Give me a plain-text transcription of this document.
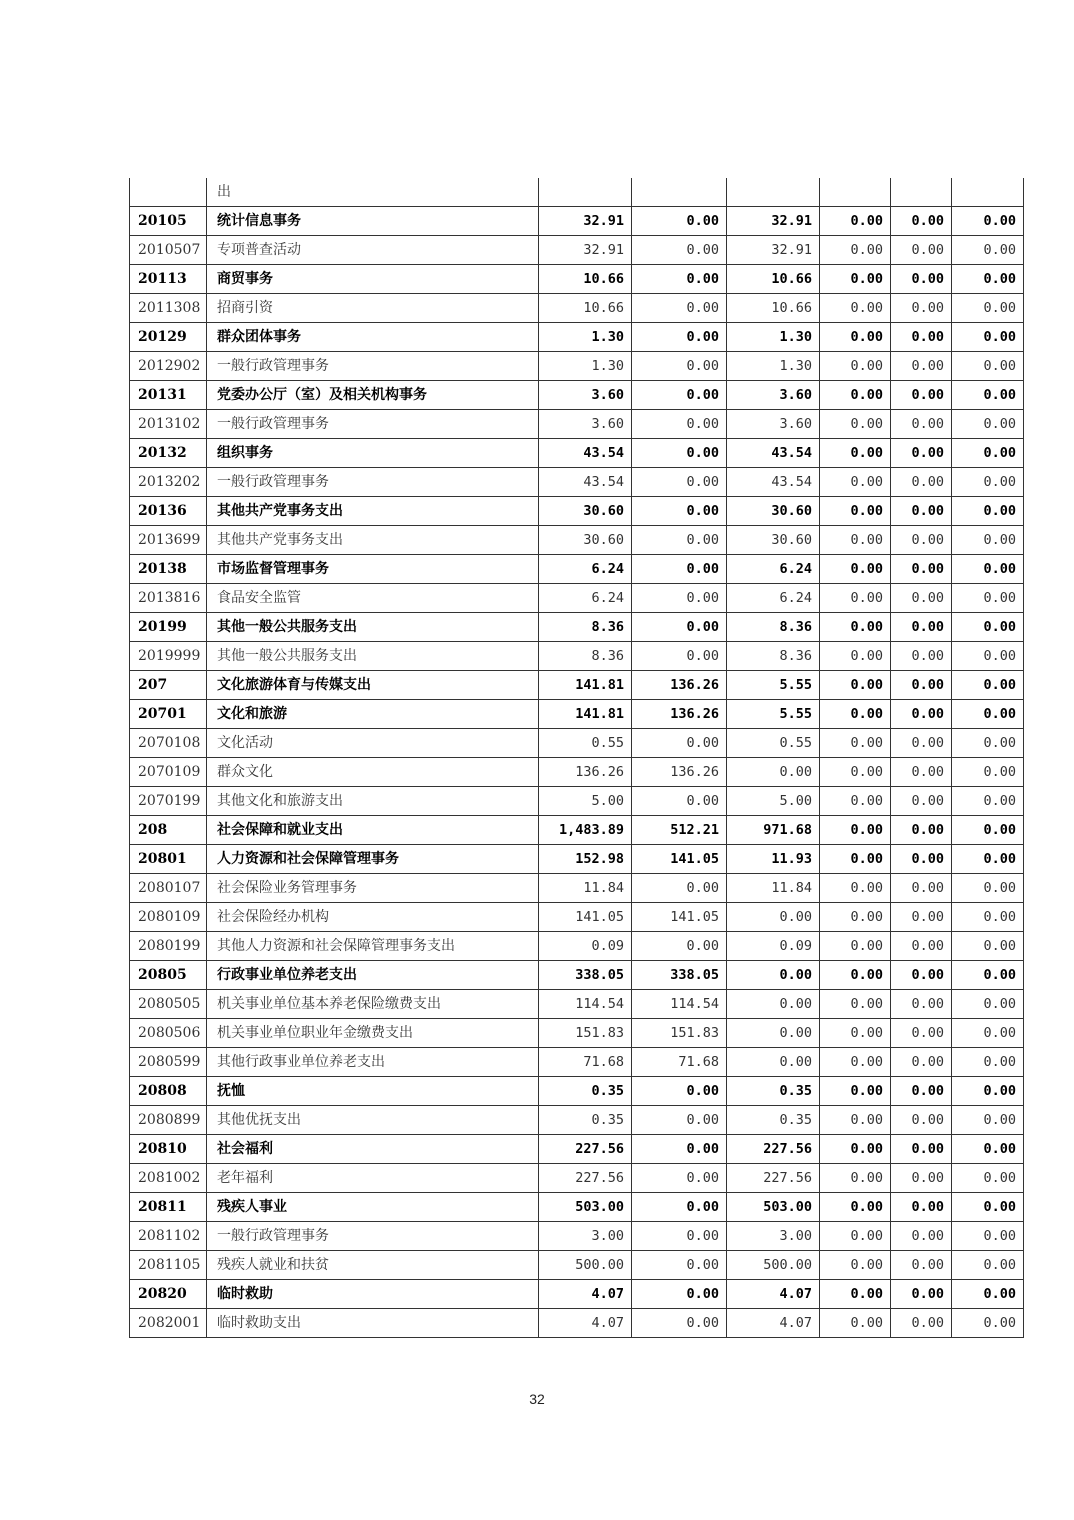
	出						
20105	统计信息事务	32.91	0.00	32.91	0.00	0.00	0.00
2010507	专项普查活动	32.91	0.00	32.91	0.00	0.00	0.00
20113	商贸事务	10.66	0.00	10.66	0.00	0.00	0.00
2011308	招商引资	10.66	0.00	10.66	0.00	0.00	0.00
20129	群众团体事务	1.30	0.00	1.30	0.00	0.00	0.00
2012902	一般行政管理事务	1.30	0.00	1.30	0.00	0.00	0.00
20131	党委办公厅（室）及相关机构事务	3.60	0.00	3.60	0.00	0.00	0.00
2013102	一般行政管理事务	3.60	0.00	3.60	0.00	0.00	0.00
20132	组织事务	43.54	0.00	43.54	0.00	0.00	0.00
2013202	一般行政管理事务	43.54	0.00	43.54	0.00	0.00	0.00
20136	其他共产党事务支出	30.60	0.00	30.60	0.00	0.00	0.00
2013699	其他共产党事务支出	30.60	0.00	30.60	0.00	0.00	0.00
20138	市场监督管理事务	6.24	0.00	6.24	0.00	0.00	0.00
2013816	食品安全监管	6.24	0.00	6.24	0.00	0.00	0.00
20199	其他一般公共服务支出	8.36	0.00	8.36	0.00	0.00	0.00
2019999	其他一般公共服务支出	8.36	0.00	8.36	0.00	0.00	0.00
207	文化旅游体育与传媒支出	141.81	136.26	5.55	0.00	0.00	0.00
20701	文化和旅游	141.81	136.26	5.55	0.00	0.00	0.00
2070108	文化活动	0.55	0.00	0.55	0.00	0.00	0.00
2070109	群众文化	136.26	136.26	0.00	0.00	0.00	0.00
2070199	其他文化和旅游支出	5.00	0.00	5.00	0.00	0.00	0.00
208	社会保障和就业支出	1,483.89	512.21	971.68	0.00	0.00	0.00
20801	人力资源和社会保障管理事务	152.98	141.05	11.93	0.00	0.00	0.00
2080107	社会保险业务管理事务	11.84	0.00	11.84	0.00	0.00	0.00
2080109	社会保险经办机构	141.05	141.05	0.00	0.00	0.00	0.00
2080199	其他人力资源和社会保障管理事务支出	0.09	0.00	0.09	0.00	0.00	0.00
20805	行政事业单位养老支出	338.05	338.05	0.00	0.00	0.00	0.00
2080505	机关事业单位基本养老保险缴费支出	114.54	114.54	0.00	0.00	0.00	0.00
2080506	机关事业单位职业年金缴费支出	151.83	151.83	0.00	0.00	0.00	0.00
2080599	其他行政事业单位养老支出	71.68	71.68	0.00	0.00	0.00	0.00
20808	抚恤	0.35	0.00	0.35	0.00	0.00	0.00
2080899	其他优抚支出	0.35	0.00	0.35	0.00	0.00	0.00
20810	社会福利	227.56	0.00	227.56	0.00	0.00	0.00
2081002	老年福利	227.56	0.00	227.56	0.00	0.00	0.00
20811	残疾人事业	503.00	0.00	503.00	0.00	0.00	0.00
2081102	一般行政管理事务	3.00	0.00	3.00	0.00	0.00	0.00
2081105	残疾人就业和扶贫	500.00	0.00	500.00	0.00	0.00	0.00
20820	临时救助	4.07	0.00	4.07	0.00	0.00	0.00
2082001	临时救助支出	4.07	0.00	4.07	0.00	0.00	0.00
32
